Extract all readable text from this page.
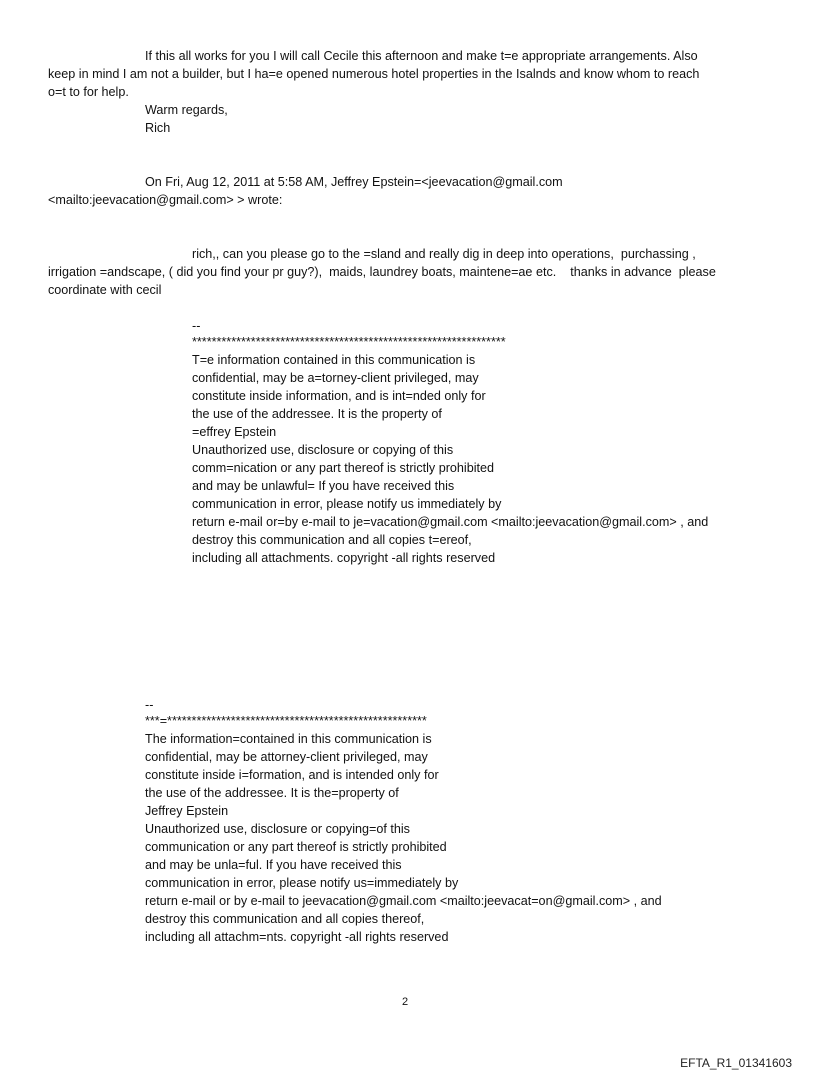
If this all works for you I will call Cecile this afternoon and make t=e appropriate arrangements. Also

keep in mind I am not a builder, but I ha=e opened numerous hotel properties in the Isalnds and know whom to reach

o=t to for help.

Warm regards,

Rich

On Fri, Aug 12, 2011 at 5:58 AM, Jeffrey Epstein=<jeevacation@gmail.com

<mailto:jeevacation@gmail.com> > wrote:

rich,, can you please go to the =sland and really dig in deep into operations,  purchassing ,

irrigation =andscape, ( did you find your pr guy?),  maids, laundrey boats, maintene=ae etc.    thanks in advance  please

coordinate with cecil

--

****************************************************************

T=e information contained in this communication is

confidential, may be a=torney-client privileged, may

constitute inside information, and is int=nded only for

the use of the addressee. It is the property of

=effrey Epstein

Unauthorized use, disclosure or copying of this

comm=nication or any part thereof is strictly prohibited

and may be unlawful= If you have received this

communication in error, please notify us immediately by

return e-mail or=by e-mail to je=vacation@gmail.com <mailto:jeevacation@gmail.com> , and

destroy this communication and all copies t=ereof,

including all attachments. copyright -all rights reserved

--

***=*****************************************************

The information=contained in this communication is

confidential, may be attorney-client privileged, may

constitute inside i=formation, and is intended only for

the use of the addressee. It is the=property of

Jeffrey Epstein

Unauthorized use, disclosure or copying=of this

communication or any part thereof is strictly prohibited

and may be unla=ful. If you have received this

communication in error, please notify us=immediately by

return e-mail or by e-mail to jeevacation@gmail.com <mailto:jeevacat=on@gmail.com> , and

destroy this communication and all copies thereof,

including all attachm=nts. copyright -all rights reserved

2
EFTA_R1_01341603
